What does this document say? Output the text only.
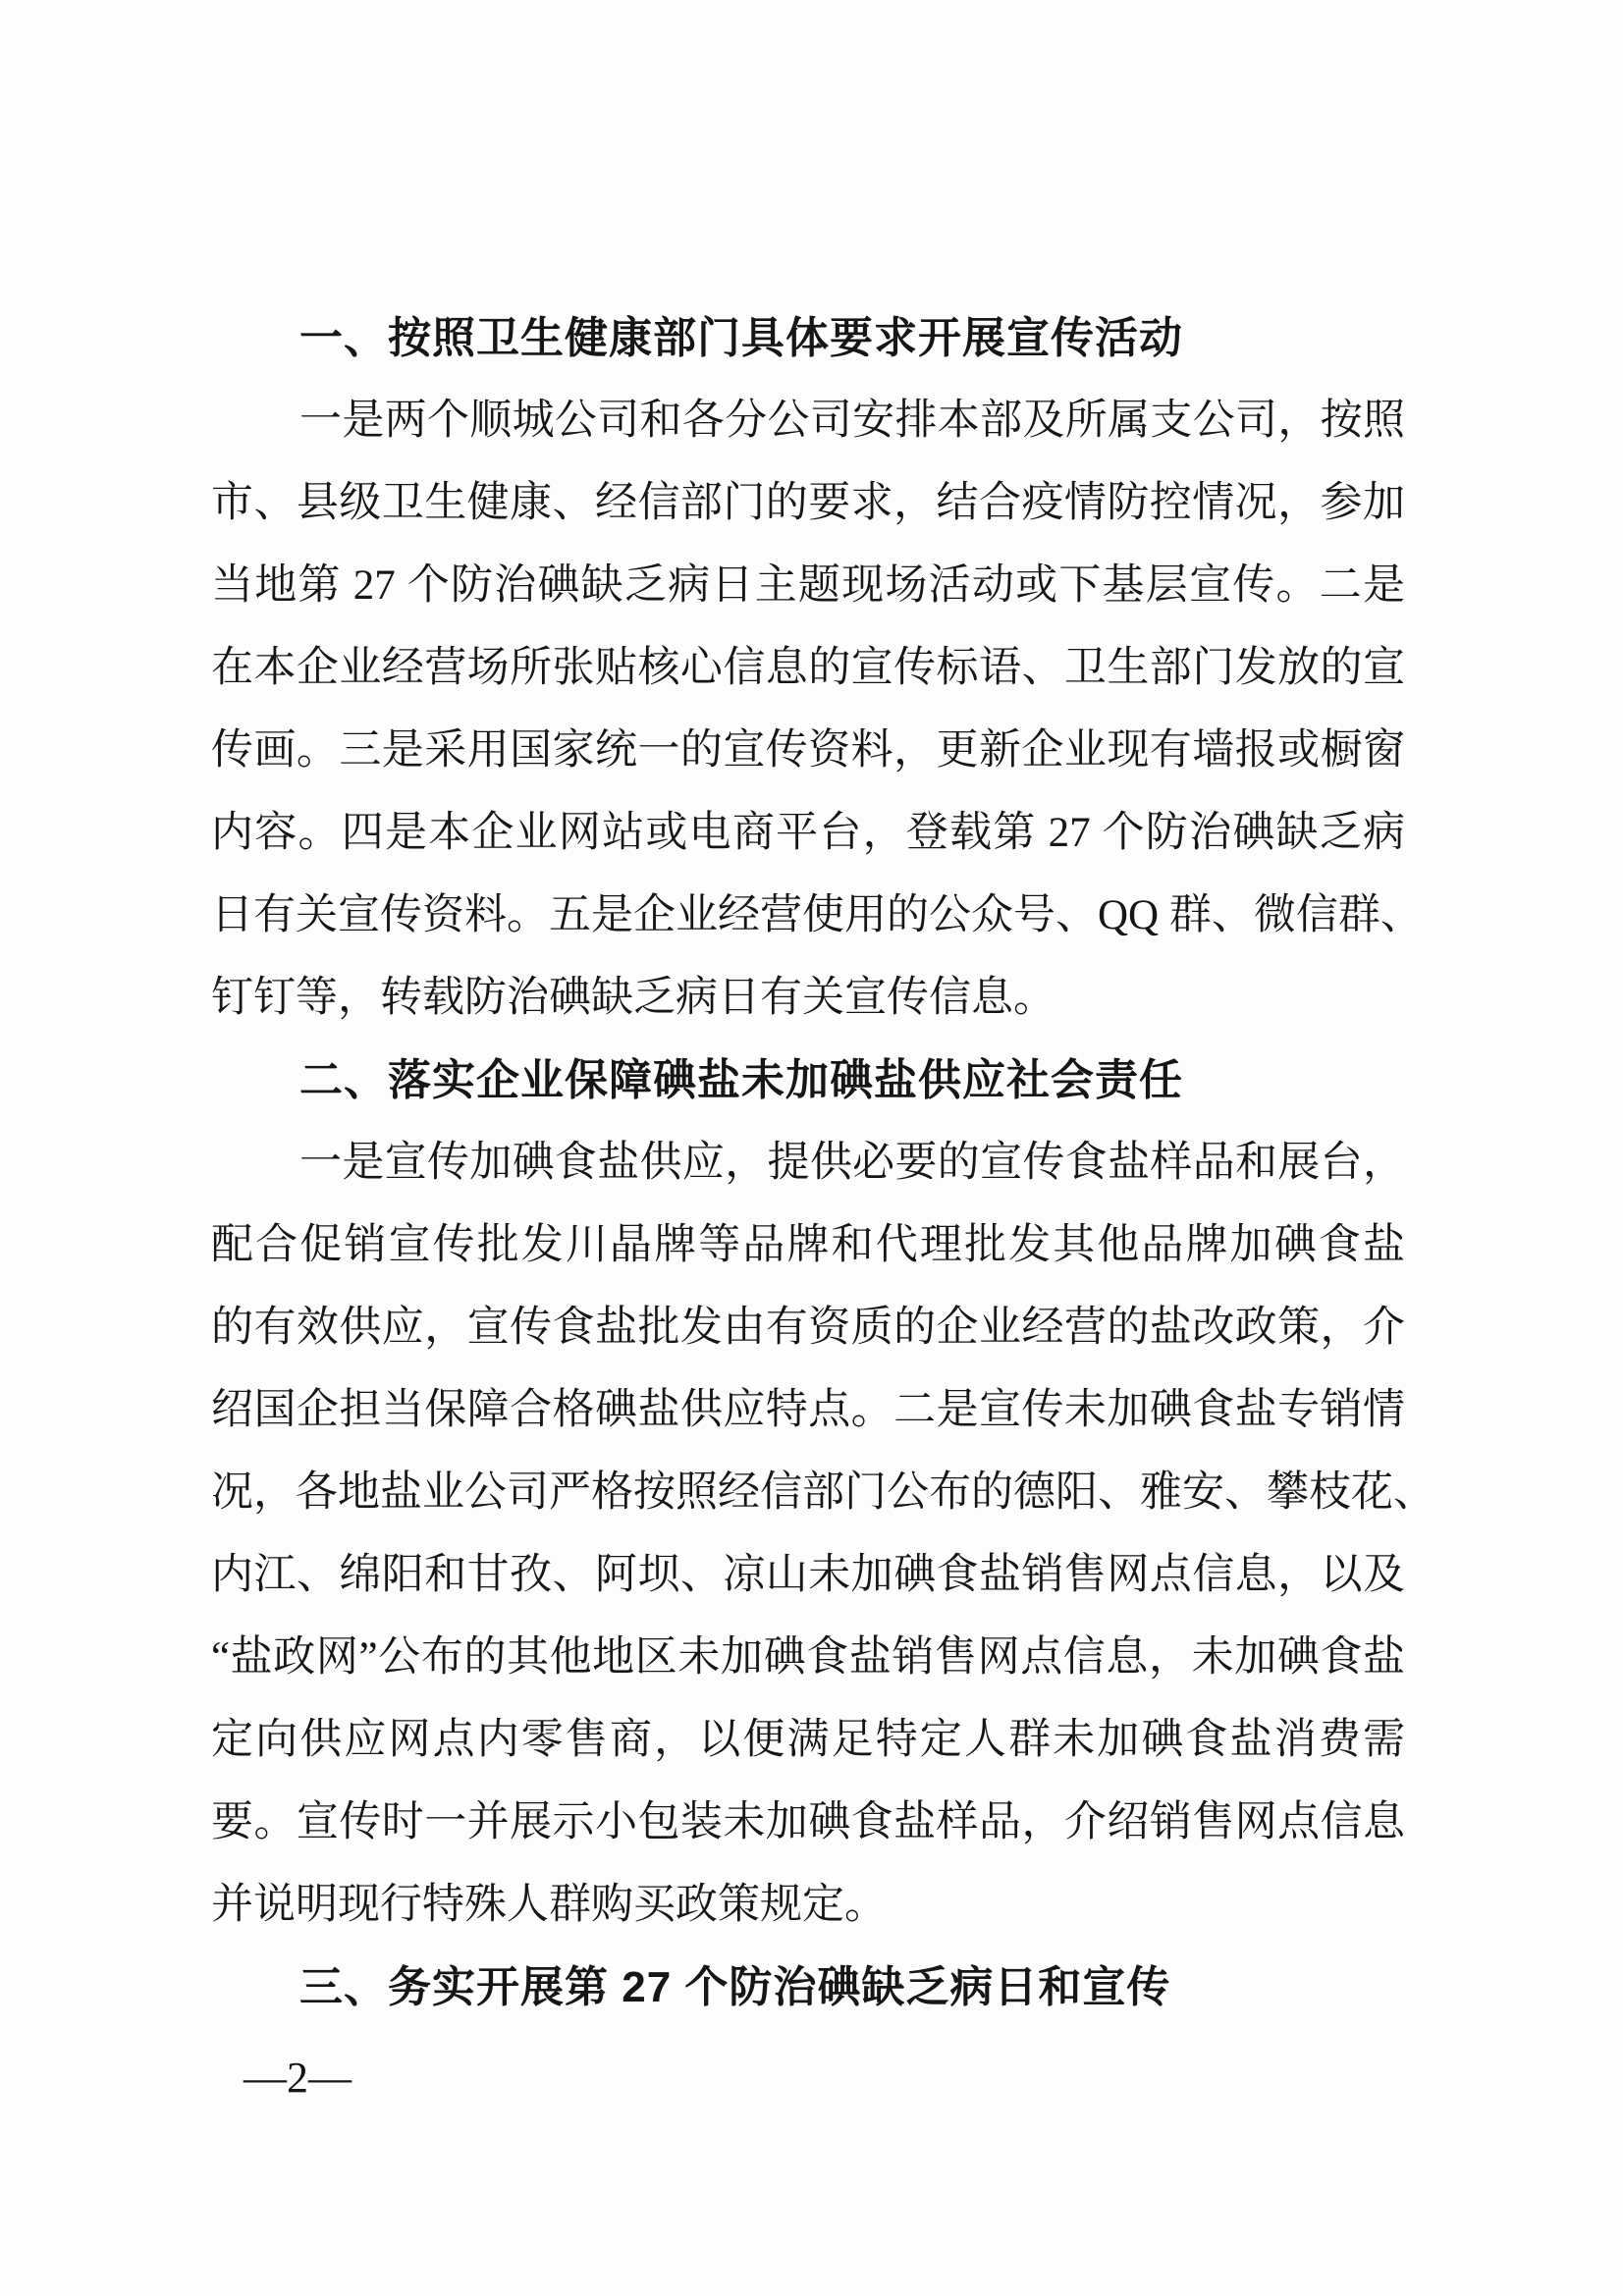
一、按照卫生健康部门具体要求开展宣传活动
一是两个顺城公司和各分公司安排本部及所属支公司，按照
市、县级卫生健康、经信部门的要求，结合疫情防控情况，参加
当地第 27 个防治碘缺乏病日主题现场活动或下基层宣传。二是
在本企业经营场所张贴核心信息的宣传标语、卫生部门发放的宣
传画。三是采用国家统一的宣传资料，更新企业现有墙报或橱窗
内容。四是本企业网站或电商平台，登载第 27 个防治碘缺乏病
日有关宣传资料。五是企业经营使用的公众号、QQ 群、微信群、
钉钉等，转载防治碘缺乏病日有关宣传信息。
二、落实企业保障碘盐未加碘盐供应社会责任
一是宣传加碘食盐供应，提供必要的宣传食盐样品和展台，
配合促销宣传批发川晶牌等品牌和代理批发其他品牌加碘食盐
的有效供应，宣传食盐批发由有资质的企业经营的盐改政策，介
绍国企担当保障合格碘盐供应特点。二是宣传未加碘食盐专销情
况，各地盐业公司严格按照经信部门公布的德阳、雅安、攀枝花、
内江、绵阳和甘孜、阿坝、凉山未加碘食盐销售网点信息，以及
“盐政网”公布的其他地区未加碘食盐销售网点信息，未加碘食盐
定向供应网点内零售商，以便满足特定人群未加碘食盐消费需
要。宣传时一并展示小包装未加碘食盐样品，介绍销售网点信息
并说明现行特殊人群购买政策规定。
三、务实开展第 27 个防治碘缺乏病日和宣传
—2—
